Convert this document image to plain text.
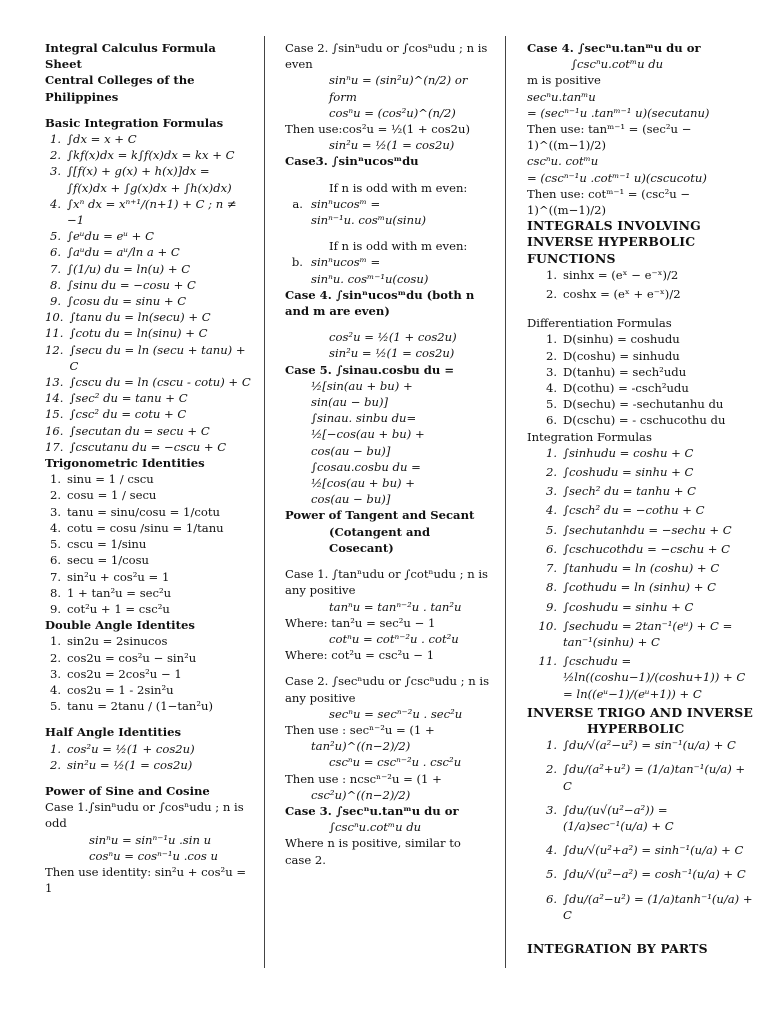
Integral Calculus Formula Sheet
Central Colleges of the Philippines
Basic Integration Formulas
1. ∫dx = x + C
2. ∫kf(x)dx = k∫f(x)dx = kx + C
3. ∫[f(x) + g(x) + h(x)]dx = ∫f(x)dx + ∫g(x)dx + ∫h(x)dx)
4. ∫xⁿ dx = xⁿ⁺¹/(n+1) + C ; n ≠ −1
5. ∫eᵘdu = eᵘ + C
6. ∫aᵘdu = aᵘ/ln a + C
7. ∫(1/u) du = ln(u) + C
8. ∫sinu du = −cosu + C
9. ∫cosu du = sinu + C
10. ∫tanu du = ln(secu) + C
11. ∫cotu du = ln(sinu) + C
12. ∫secu du = ln (secu + tanu) + C
13. ∫cscu du = ln (cscu - cotu) + C
14. ∫sec² du = tanu + C
15. ∫csc² du = cotu + C
16. ∫secutan du = secu + C
17. ∫cscutanu du = −cscu + C
Trigonometric Identities
1. sinu = 1 / cscu
2. cosu = 1 / secu
3. tanu = sinu/cosu = 1/cotu
4. cotu = cosu /sinu = 1/tanu
5. cscu = 1/sinu
6. secu = 1/cosu
7. sin²u + cos²u = 1
8. 1 + tan²u = sec²u
9. cot²u + 1 = csc²u
Double Angle Identites
1. sin2u = 2sinucos
2. cos2u = cos²u − sin²u
3. cos2u = 2cos²u − 1
4. cos2u = 1 - 2sin²u
5. tanu = 2tanu / (1−tan²u)
Half Angle Identities
1. cos²u = ½(1 + cos2u)
2. sin²u = ½(1 = cos2u)
Power of Sine and Cosine
Case 1.∫sinⁿudu or ∫cosⁿudu ; n is odd
sinⁿu = sinⁿ⁻¹u .sin u
cosⁿu = cosⁿ⁻¹u .cos u
Then use identity: sin²u + cos²u = 1
Case 2. ∫sinⁿudu or ∫cosⁿudu ; n is even
sinⁿu = (sin²u)^(n/2) or form
cosⁿu = (cos²u)^(n/2)
Then use:cos²u = ½(1 + cos2u)
sin²u = ½(1 = cos2u)
Case3. ∫sinⁿucosᵐdu
If n is odd with m even:
a. sinⁿucosᵐ =
sinⁿ⁻¹u. cosᵐu(sinu)
If n is odd with m even:
b. sinⁿucosᵐ =
sinⁿu. cosᵐ⁻¹u(cosu)
Case 4. ∫sinⁿucosᵐdu (both n and m are even)
cos²u = ½(1 + cos2u)
sin²u = ½(1 = cos2u)
Case 5. ∫sinau.cosbu du =
½[sin(au + bu) +
sin(au − bu)]
∫sinau. sinbu du=
½[−cos(au + bu) +
cos(au − bu)]
∫cosau.cosbu du =
½[cos(au + bu) +
cos(au − bu)]
Power of Tangent and Secant
(Cotangent and Cosecant)
Case 1. ∫tanⁿudu or ∫cotⁿudu ; n is any positive
tanⁿu = tanⁿ⁻²u . tan²u
Where: tan²u = sec²u − 1
cotⁿu = cotⁿ⁻²u . cot²u
Where: cot²u = csc²u − 1
Case 2. ∫secⁿudu or ∫cscⁿudu ; n is any positive
secⁿu = secⁿ⁻²u . sec²u
Then use : secⁿ⁻²u = (1 +
tan²u)^((n−2)/2)
cscⁿu = cscⁿ⁻²u . csc²u
Then use : ncscⁿ⁻²u = (1 +
csc²u)^((n−2)/2)
Case 3. ∫secⁿu.tanᵐu du or
∫cscⁿu.cotᵐu du
Where n is positive, similar to case 2.
Case 4. ∫secⁿu.tanᵐu du or
∫cscⁿu.cotᵐu du
m is positive
secⁿu.tanᵐu
= (secⁿ⁻¹u .tanᵐ⁻¹ u)(secutanu)
Then use: tanᵐ⁻¹ = (sec²u − 1)^((m−1)/2)
cscⁿu. cotᵐu
= (cscⁿ⁻¹u .cotᵐ⁻¹ u)(cscucotu)
Then use: cotᵐ⁻¹ = (csc²u − 1)^((m−1)/2)
INTEGRALS INVOLVING INVERSE HYPERBOLIC FUNCTIONS
1. sinhx = (eˣ − e⁻ˣ)/2
2. coshx = (eˣ + e⁻ˣ)/2
Differentiation Formulas
1. D(sinhu) = coshudu
2. D(coshu) = sinhudu
3. D(tanhu) = sech²udu
4. D(cothu) = -csch²udu
5. D(sechu) = -sechutanhu du
6. D(cschu) = - cschucothu du
Integration Formulas
1. ∫sinhudu = coshu + C
2. ∫coshudu = sinhu + C
3. ∫sech² du = tanhu + C
4. ∫csch² du = −cothu + C
5. ∫sechutanhdu = −sechu + C
6. ∫cschucothdu = −cschu + C
7. ∫tanhudu = ln (coshu) + C
8. ∫cothudu = ln (sinhu) + C
9. ∫coshudu = sinhu + C
10. ∫sechudu = 2tan⁻¹(eᵘ) + C = tan⁻¹(sinhu) + C
11. ∫cschudu = ½ln((coshu−1)/(coshu+1)) + C = ln((eᵘ−1)/(eᵘ+1)) + C
INVERSE TRIGO AND INVERSE
HYPERBOLIC
1. ∫du/√(a²−u²) = sin⁻¹(u/a) + C
2. ∫du/(a²+u²) = (1/a)tan⁻¹(u/a) + C
3. ∫du/(u√(u²−a²)) = (1/a)sec⁻¹(u/a) + C
4. ∫du/√(u²+a²) = sinh⁻¹(u/a) + C
5. ∫du/√(u²−a²) = cosh⁻¹(u/a) + C
6. ∫du/(a²−u²) = (1/a)tanh⁻¹(u/a) + C
INTEGRATION BY PARTS
